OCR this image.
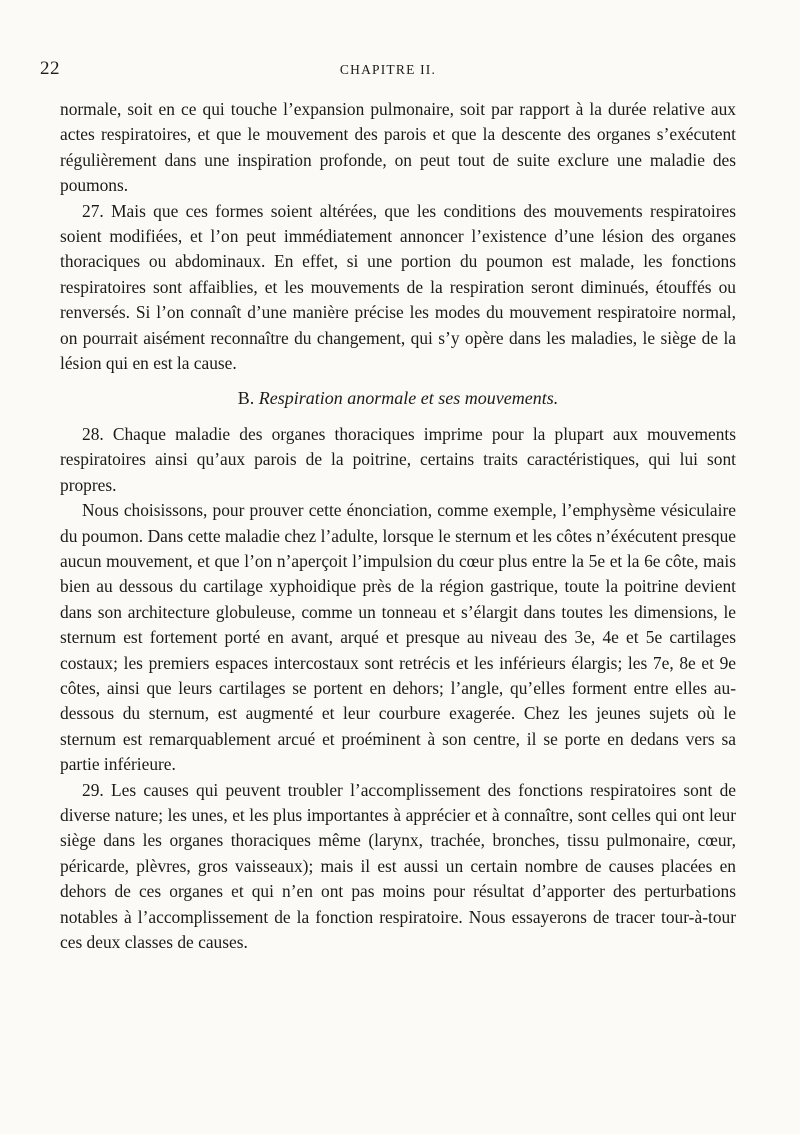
22	CHAPITRE II.

normale, soit en ce qui touche l’expansion pulmonaire, soit par rapport à la durée relative aux actes respiratoires, et que le mouvement des parois et que la descente des organes s’exécutent régulièrement dans une inspiration profonde, on peut tout de suite exclure une maladie des poumons.

27. Mais que ces formes soient altérées, que les conditions des mouvements respiratoires soient modifiées, et l’on peut immédiatement annoncer l’existence d’une lésion des organes thoraciques ou abdominaux. En effet, si une portion du poumon est malade, les fonctions respiratoires sont affaiblies, et les mouvements de la respiration seront diminués, étouffés ou renversés. Si l’on connaît d’une manière précise les modes du mouvement respiratoire normal, on pourrait aisément reconnaître du changement, qui s’y opère dans les maladies, le siège de la lésion qui en est la cause.

B. Respiration anormale et ses mouvements.

28. Chaque maladie des organes thoraciques imprime pour la plupart aux mouvements respiratoires ainsi qu’aux parois de la poitrine, certains traits caractéristiques, qui lui sont propres.

Nous choisissons, pour prouver cette énonciation, comme exemple, l’emphysème vésiculaire du poumon. Dans cette maladie chez l’adulte, lorsque le sternum et les côtes n’éxécutent presque aucun mouvement, et que l’on n’aperçoit l’impulsion du cœur plus entre la 5e et la 6e côte, mais bien au dessous du cartilage xyphoidique près de la région gastrique, toute la poitrine devient dans son architecture globuleuse, comme un tonneau et s’élargit dans toutes les dimensions, le sternum est fortement porté en avant, arqué et presque au niveau des 3e, 4e et 5e cartilages costaux; les premiers espaces intercostaux sont retrécis et les inférieurs élargis; les 7e, 8e et 9e côtes, ainsi que leurs cartilages se portent en dehors; l’angle, qu’elles forment entre elles au-dessous du sternum, est augmenté et leur courbure exagerée. Chez les jeunes sujets où le sternum est remarquablement arcué et proéminent à son centre, il se porte en dedans vers sa partie inférieure.

29. Les causes qui peuvent troubler l’accomplissement des fonctions respiratoires sont de diverse nature; les unes, et les plus importantes à apprécier et à connaître, sont celles qui ont leur siège dans les organes thoraciques même (larynx, trachée, bronches, tissu pulmonaire, cœur, péricarde, plèvres, gros vaisseaux); mais il est aussi un certain nombre de causes placées en dehors de ces organes et qui n’en ont pas moins pour résultat d’apporter des perturbations notables à l’accomplissement de la fonction respiratoire. Nous essayerons de tracer tour-à-tour ces deux classes de causes.
